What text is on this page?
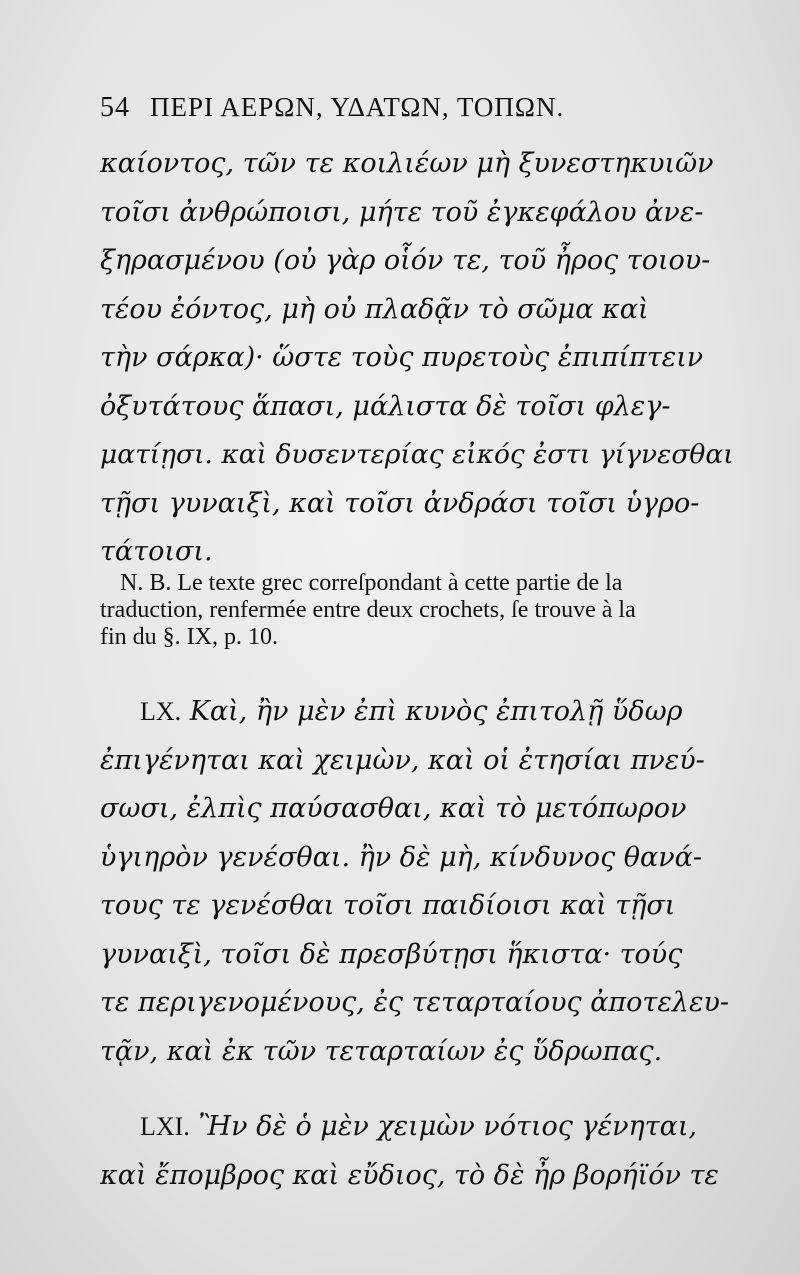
54 ΠΕΡΙ ΑΕΡΩΝ, ΥΔΑΤΩΝ, ΤΟΠΩΝ.
καίοντος, τῶν τε κοιλιέων μὴ ξυνεστηκυιῶν
τοῖσι ἀνθρώποισι, μήτε τοῦ ἐγκεφάλου ἀνε-
ξηρασμένου (οὐ γὰρ οἷόν τε, τοῦ ἦρος τοιου-
τέου ἐόντος, μὴ οὐ πλαδᾷν τὸ σῶμα καὶ
τὴν σάρκα)· ὥστε τοὺς πυρετοὺς ἐπιπίπτειν
ὀξυτάτους ἅπασι, μάλιστα δὲ τοῖσι φλεγ-
ματίῃσι. καὶ δυσεντερίας εἰκός ἐστι γίγνεσθαι
τῇσι γυναιξὶ, καὶ τοῖσι ἀνδράσι τοῖσι ὑγρο-
τάτοισι.
N. B. Le texte grec correſpondant à cette partie de la
traduction, renfermée entre deux crochets, ſe trouve à la
fin du §. IX, p. 10.
LX. Καὶ, ἢν μὲν ἐπὶ κυνὸς ἐπιτολῇ ὕδωρ
ἐπιγένηται καὶ χειμὼν, καὶ οἱ ἐτησίαι πνεύ-
σωσι, ἐλπὶς παύσασθαι, καὶ τὸ μετόπωρον
ὑγιηρὸν γενέσθαι. ἢν δὲ μὴ, κίνδυνος θανά-
τους τε γενέσθαι τοῖσι παιδίοισι καὶ τῇσι
γυναιξὶ, τοῖσι δὲ πρεσβύτῃσι ἥκιστα· τούς
τε περιγενομένους, ἐς τεταρταίους ἀποτελευ-
τᾷν, καὶ ἐκ τῶν τεταρταίων ἐς ὕδρωπας.
LXI. Ἢν δὲ ὁ μὲν χειμὼν νότιος γένηται,
καὶ ἔπομβρος καὶ εὔδιος, τὸ δὲ ἦρ βορήϊόν τε
